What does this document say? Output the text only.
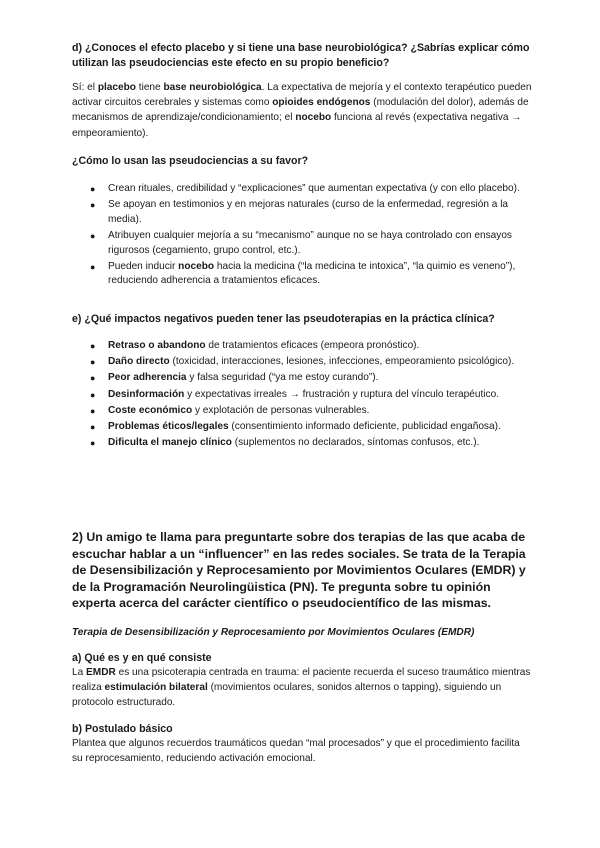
d) ¿Conoces el efecto placebo y si tiene una base neurobiológica? ¿Sabrías explicar cómo utilizan las pseudociencias este efecto en su propio beneficio?

Sí: el placebo tiene base neurobiológica. La expectativa de mejoría y el contexto terapéutico pueden activar circuitos cerebrales y sistemas como opioides endógenos (modulación del dolor), además de mecanismos de aprendizaje/condicionamiento; el nocebo funciona al revés (expectativa negativa → empeoramiento).

¿Cómo lo usan las pseudociencias a su favor?

● Crean rituales, credibilidad y “explicaciones” que aumentan expectativa (y con ello placebo).
● Se apoyan en testimonios y en mejoras naturales (curso de la enfermedad, regresión a la media).
● Atribuyen cualquier mejoría a su “mecanismo” aunque no se haya controlado con ensayos rigurosos (cegamiento, grupo control, etc.).
● Pueden inducir nocebo hacia la medicina (“la medicina te intoxica”, “la quimio es veneno”), reduciendo adherencia a tratamientos eficaces.

e) ¿Qué impactos negativos pueden tener las pseudoterapias en la práctica clínica?

● Retraso o abandono de tratamientos eficaces (empeora pronóstico).
● Daño directo (toxicidad, interacciones, lesiones, infecciones, empeoramiento psicológico).
● Peor adherencia y falsa seguridad (“ya me estoy curando”).
● Desinformación y expectativas irreales → frustración y ruptura del vínculo terapéutico.
● Coste económico y explotación de personas vulnerables.
● Problemas éticos/legales (consentimiento informado deficiente, publicidad engañosa).
● Dificulta el manejo clínico (suplementos no declarados, síntomas confusos, etc.).

2) Un amigo te llama para preguntarte sobre dos terapias de las que acaba de escuchar hablar a un “influencer” en las redes sociales. Se trata de la Terapia de Desensibilización y Reprocesamiento por Movimientos Oculares (EMDR) y de la Programación Neurolingüistica (PN). Te pregunta sobre tu opinión experta acerca del carácter científico o pseudocientífico de las mismas.

Terapia de Desensibilización y Reprocesamiento por Movimientos Oculares (EMDR)

a) Qué es y en qué consiste

La EMDR es una psicoterapia centrada en trauma: el paciente recuerda el suceso traumático mientras realiza estimulación bilateral (movimientos oculares, sonidos alternos o tapping), siguiendo un protocolo estructurado.

b) Postulado básico

Plantea que algunos recuerdos traumáticos quedan “mal procesados” y que el procedimiento facilita su reprocesamiento, reduciendo activación emocional.
